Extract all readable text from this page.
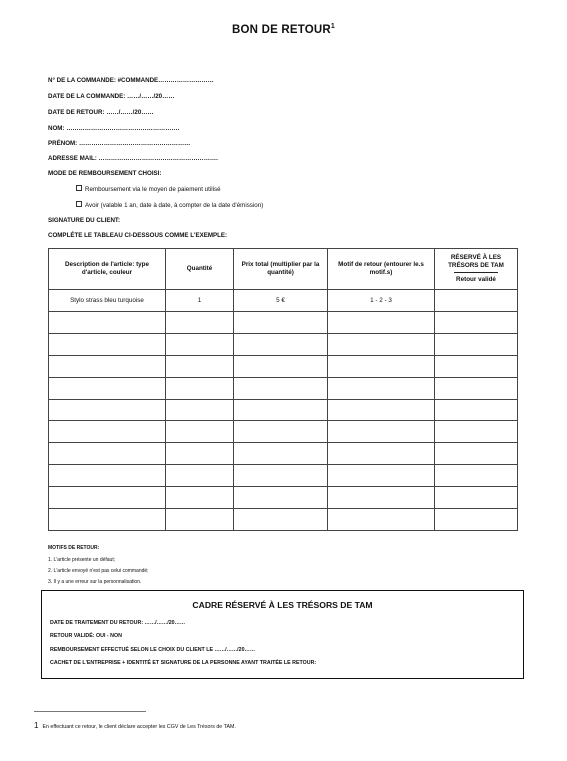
BON DE RETOUR$^1$
N° DE LA COMMANDE: #COMMANDE………………………
DATE DE LA COMMANDE: ……/……/20……
DATE DE RETOUR: ……/……/20……
NOM: ……………………………………………….
PRÉNOM: ………………………………………………
ADRESSE MAIL: ………………………………………………….
MODE DE REMBOURSEMENT CHOISI:
Remboursement via le moyen de paiement utilisé
Avoir (valable 1 an, date à date, à compter de la date d'émission)
SIGNATURE DU CLIENT:
COMPLÉTE LE TABLEAU CI-DESSOUS COMME L'EXEMPLE:
Description de l'article: type d'article, couleur	Quantité	Prix total (multiplier par la quantité)	Motif de retour (entourer le.s motif.s)	RÉSERVÉ À LES TRÉSORS DE TAM
Retour validé
Stylo strass bleu turquoise	1	5 €	1 - 2 - 3	

MOTIFS DE RETOUR:
1. L'article présente un défaut;
2. L'article envoyé n'est pas celui commandé;
3. Il y a une erreur sur la personnalisation.
CADRE RÉSERVÉ À LES TRÉSORS DE TAM
DATE DE TRAITEMENT DU RETOUR: ……/……/20……
RETOUR VALIDÉ: OUI - NON
REMBOURSEMENT EFFECTUÉ SELON LE CHOIX DU CLIENT LE ……/……/20……
CACHET DE L'ENTREPRISE + IDENTITÉ ET SIGNATURE DE LA PERSONNE AYANT TRAITÉE LE RETOUR:
1 En effectuant ce retour, le client déclare accepter les CGV de Les Trésors de TAM.
